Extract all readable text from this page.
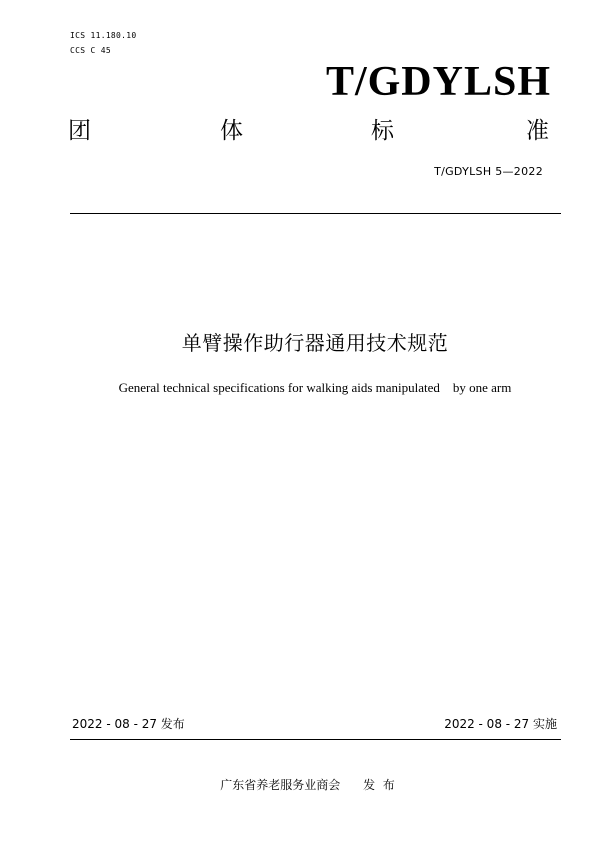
ICS 11.180.10
CCS C 45
T/GDYLSH
团	体	标	准
T/GDYLSH 5—2022
单臂操作助行器通用技术规范
General technical specifications for walking aids manipulated    by one arm
2022 - 08 - 27 发布	2022 - 08 - 27 实施
广东省养老服务业商会      发  布
